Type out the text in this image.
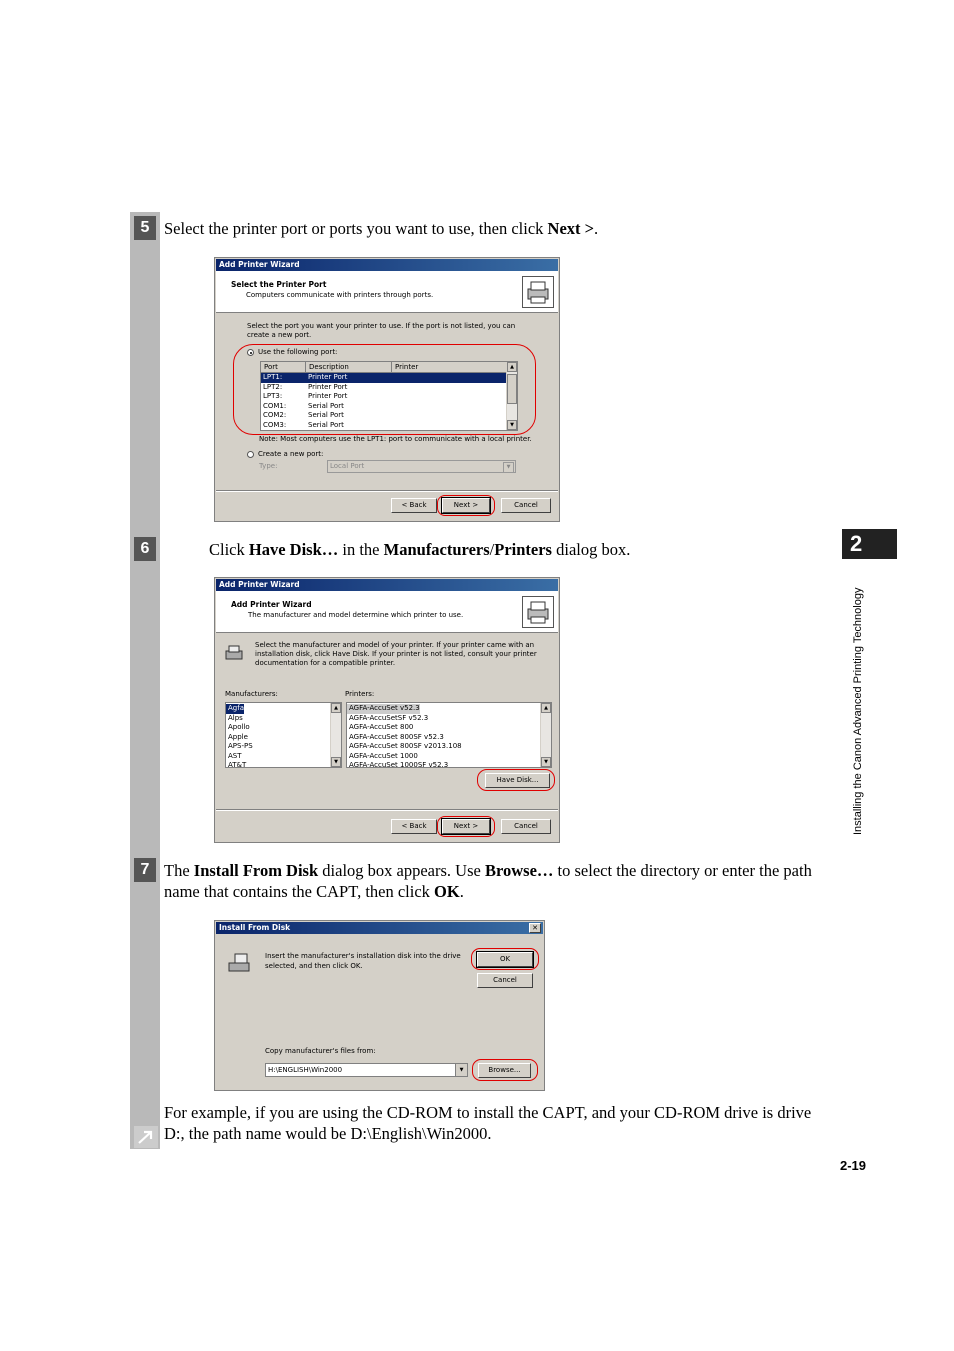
5 Select the printer port or ports you want to use, then click Next >.
Add Printer Wizard
Select the Printer Port
Computers communicate with printers through ports.
Select the port you want your printer to use. If the port is not listed, you can create a new port.
Use the following port:
Port	Description	Printer
LPT1:	Printer Port
LPT2:	Printer Port
LPT3:	Printer Port
COM1:	Serial Port
COM2:	Serial Port
COM3:	Serial Port
▲
▼
Note: Most computers use the LPT1: port to communicate with a local printer.
Create a new port:
Type:	Local Port	▼
< Back	Next >	Cancel
6	Click Have Disk… in the Manufacturers/Printers dialog box.
Add Printer Wizard
Add Printer Wizard
The manufacturer and model determine which printer to use.
Select the manufacturer and model of your printer. If your printer came with an installation disk, click Have Disk. If your printer is not listed, consult your printer documentation for a compatible printer.
Manufacturers:	Printers:
Agfa
Alps
Apollo
Apple
APS-PS
AST
AT&T
▲
▼
AGFA-AccuSet v52.3
AGFA-AccuSetSF v52.3
AGFA-AccuSet 800
AGFA-AccuSet 800SF v52.3
AGFA-AccuSet 800SF v2013.108
AGFA-AccuSet 1000
AGFA-AccuSet 1000SF v52.3
▲
▼
Have Disk...
< Back	Next >	Cancel
7 The Install From Disk dialog box appears. Use Browse… to select the directory or enter the path name that contains the CAPT, then click OK.
Install From Disk	✕
Insert the manufacturer's installation disk into the drive selected, and then click OK.
OK
Cancel
Copy manufacturer's files from:
H:\ENGLISH\Win2000	▼	Browse...
For example, if you are using the CD-ROM to install the CAPT, and your CD-ROM drive is drive D:, the path name would be D:\English\Win2000.
2
Installing the Canon Advanced Printing Technology
2-19
